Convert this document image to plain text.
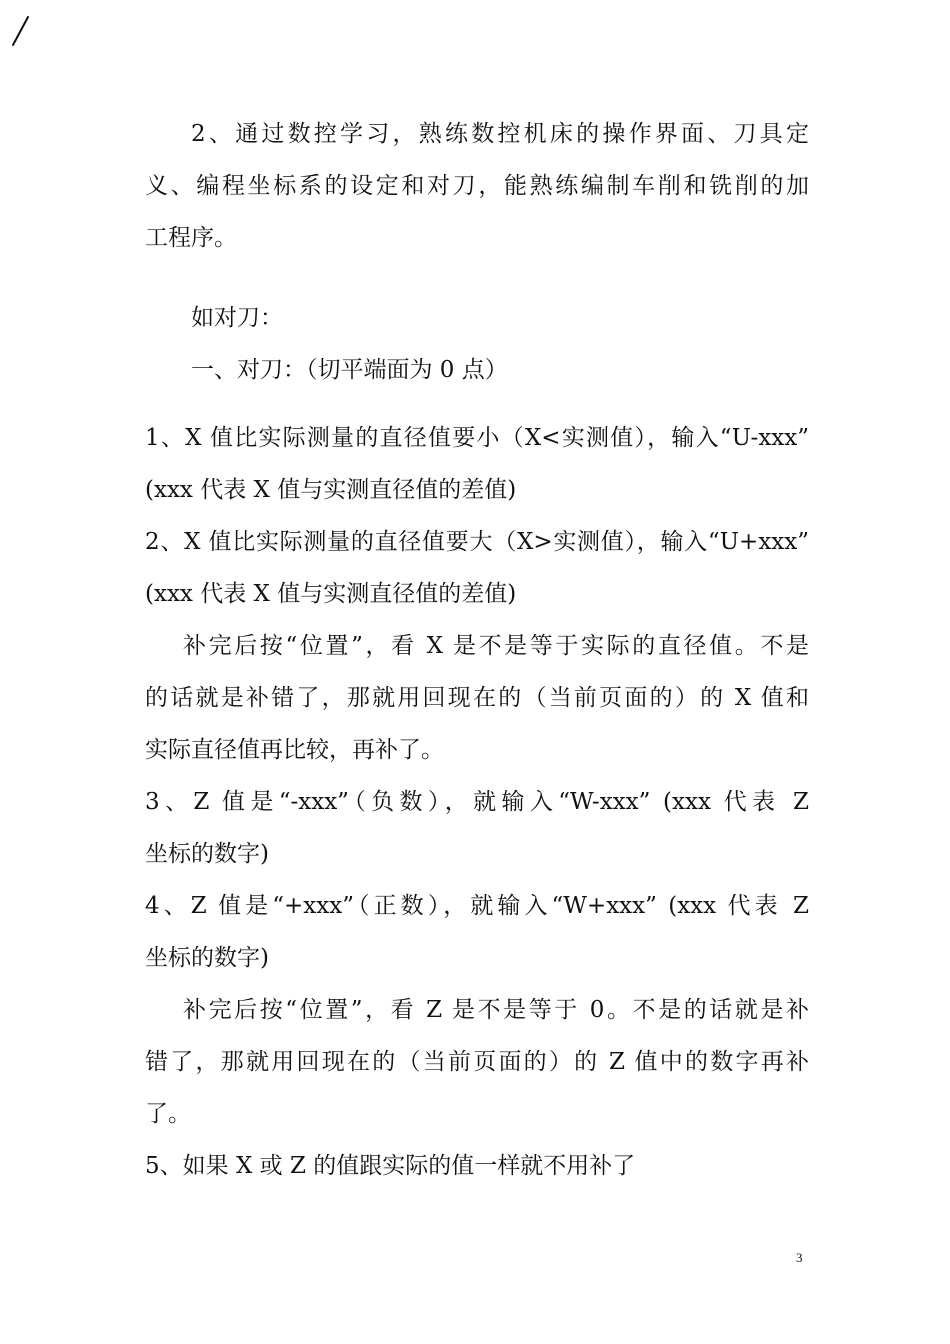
2、通过数控学习，熟练数控机床的操作界面、刀具定
义、编程坐标系的设定和对刀，能熟练编制车削和铣削的加
工程序。
如对刀：
一、对刀：（切平端面为 0 点）
1、X 值比实际测量的直径值要小（X<实测值），输入“U-xxx”
(xxx 代表 X 值与实测直径值的差值)
2、X 值比实际测量的直径值要大（X>实测值），输入“U+xxx”
(xxx 代表 X 值与实测直径值的差值)
补完后按“位置”，看 X 是不是等于实际的直径值。不是
的话就是补错了，那就用回现在的（当前页面的）的 X 值和
实际直径值再比较，再补了。
3、Z 值是“-xxx”（负数），就输入“W-xxx” (xxx 代表 Z
坐标的数字)
4、Z 值是“+xxx”（正数），就输入“W+xxx” (xxx 代表 Z
坐标的数字)
补完后按“位置”，看 Z 是不是等于 0。不是的话就是补
错了，那就用回现在的（当前页面的）的 Z 值中的数字再补
了。
5、如果 X 或 Z 的值跟实际的值一样就不用补了
3
